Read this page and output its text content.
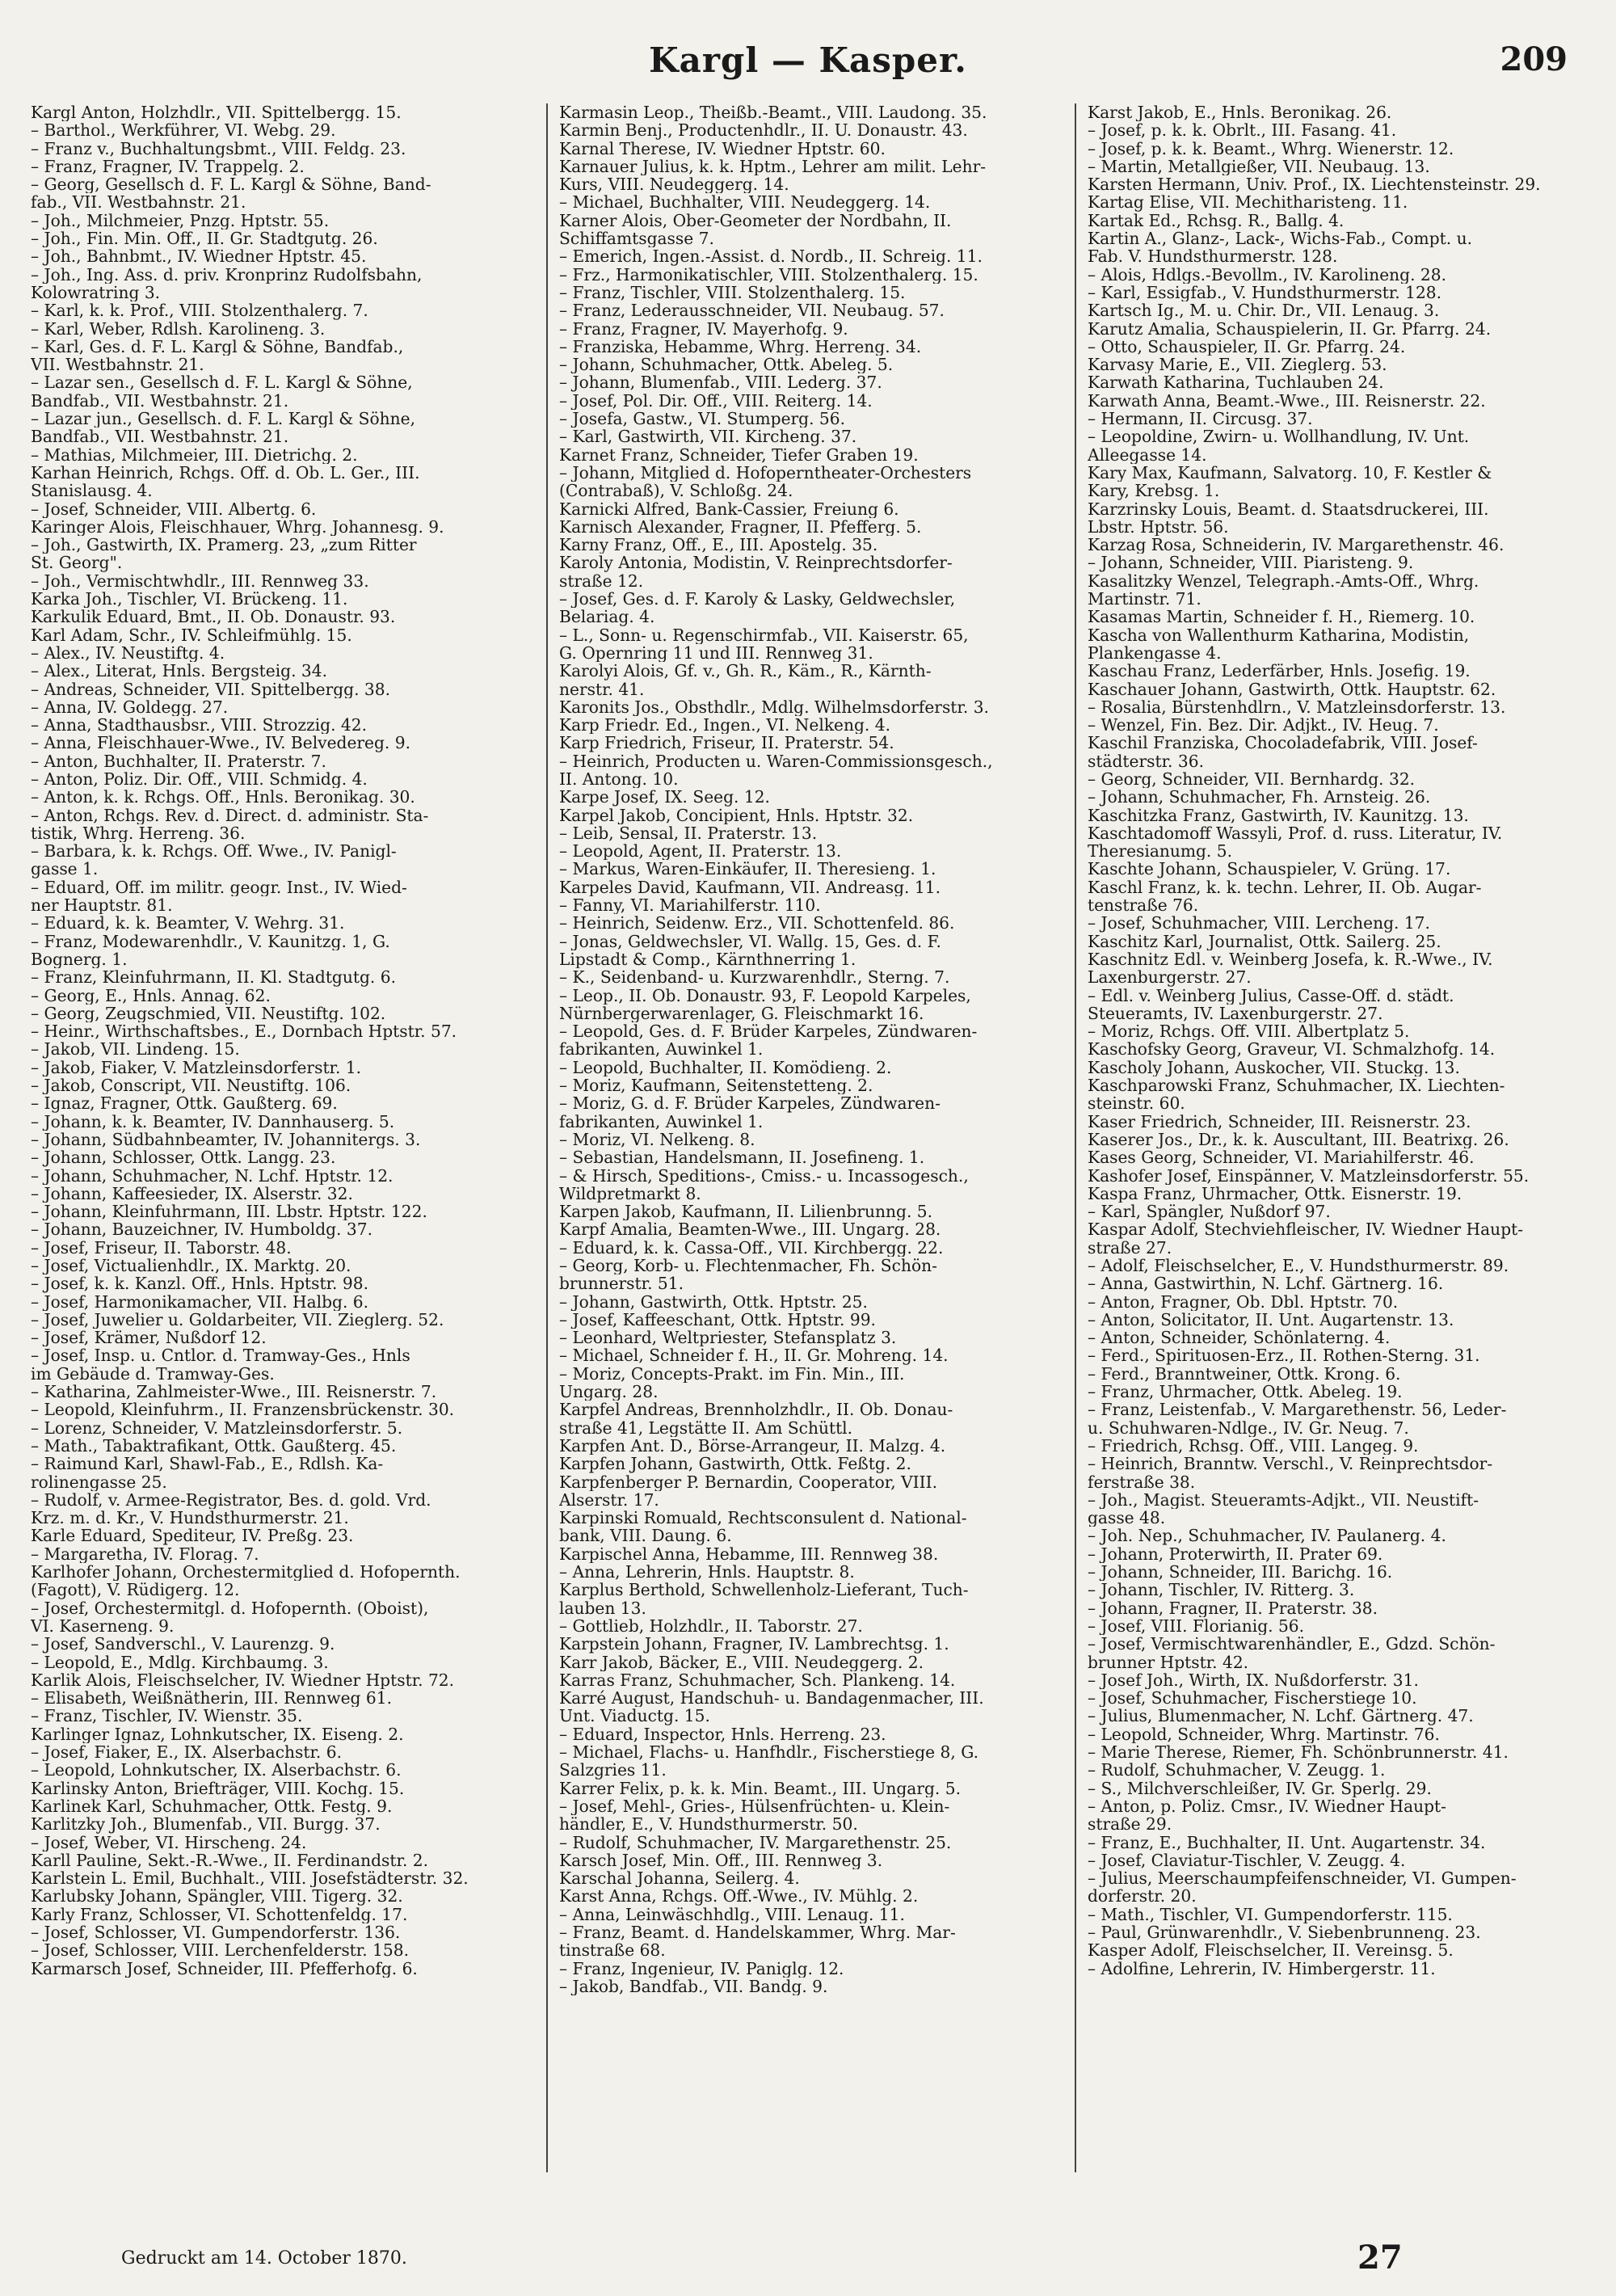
Kargl — Kasper.	209
Kargl Anton, Holzhdlr., VII. Spittelbergg. 15.
– Barthol., Werkführer, VI. Webg. 29.
– Franz v., Buchhaltungsbmt., VIII. Feldg. 23.
– Franz, Fragner, IV. Trappelg. 2.
– Georg, Gesellsch d. F. L. Kargl & Söhne, Band-
fab., VII. Westbahnstr. 21.
– Joh., Milchmeier, Pnzg. Hptstr. 55.
– Joh., Fin. Min. Off., II. Gr. Stadtgutg. 26.
– Joh., Bahnbmt., IV. Wiedner Hptstr. 45.
– Joh., Ing. Ass. d. priv. Kronprinz Rudolfsbahn,
Kolowratring 3.
– Karl, k. k. Prof., VIII. Stolzenthalerg. 7.
– Karl, Weber, Rdlsh. Karolineng. 3.
– Karl, Ges. d. F. L. Kargl & Söhne, Bandfab.,
VII. Westbahnstr. 21.
– Lazar sen., Gesellsch d. F. L. Kargl & Söhne,
Bandfab., VII. Westbahnstr. 21.
– Lazar jun., Gesellsch. d. F. L. Kargl & Söhne,
Bandfab., VII. Westbahnstr. 21.
– Mathias, Milchmeier, III. Dietrichg. 2.
Karhan Heinrich, Rchgs. Off. d. Ob. L. Ger., III.
Stanislausg. 4.
– Josef, Schneider, VIII. Albertg. 6.
Karinger Alois, Fleischhauer, Whrg. Johannesg. 9.
– Joh., Gastwirth, IX. Pramerg. 23, „zum Ritter
St. Georg".
– Joh., Vermischtwhdlr., III. Rennweg 33.
Karka Joh., Tischler, VI. Brückeng. 11.
Karkulik Eduard, Bmt., II. Ob. Donaustr. 93.
Karl Adam, Schr., IV. Schleifmühlg. 15.
– Alex., IV. Neustiftg. 4.
– Alex., Literat, Hnls. Bergsteig. 34.
– Andreas, Schneider, VII. Spittelbergg. 38.
– Anna, IV. Goldegg. 27.
– Anna, Stadthausbsr., VIII. Strozzig. 42.
– Anna, Fleischhauer-Wwe., IV. Belvedereg. 9.
– Anton, Buchhalter, II. Praterstr. 7.
– Anton, Poliz. Dir. Off., VIII. Schmidg. 4.
– Anton, k. k. Rchgs. Off., Hnls. Beronikag. 30.
– Anton, Rchgs. Rev. d. Direct. d. administr. Sta-
tistik, Whrg. Herreng. 36.
– Barbara, k. k. Rchgs. Off. Wwe., IV. Panigl-
gasse 1.
– Eduard, Off. im militr. geogr. Inst., IV. Wied-
ner Hauptstr. 81.
– Eduard, k. k. Beamter, V. Wehrg. 31.
– Franz, Modewarenhdlr., V. Kaunitzg. 1, G.
Bognerg. 1.
– Franz, Kleinfuhrmann, II. Kl. Stadtgutg. 6.
– Georg, E., Hnls. Annag. 62.
– Georg, Zeugschmied, VII. Neustiftg. 102.
– Heinr., Wirthschaftsbes., E., Dornbach Hptstr. 57.
– Jakob, VII. Lindeng. 15.
– Jakob, Fiaker, V. Matzleinsdorferstr. 1.
– Jakob, Conscript, VII. Neustiftg. 106.
– Ignaz, Fragner, Ottk. Gaußterg. 69.
– Johann, k. k. Beamter, IV. Dannhauserg. 5.
– Johann, Südbahnbeamter, IV. Johannitergs. 3.
– Johann, Schlosser, Ottk. Langg. 23.
– Johann, Schuhmacher, N. Lchf. Hptstr. 12.
– Johann, Kaffeesieder, IX. Alserstr. 32.
– Johann, Kleinfuhrmann, III. Lbstr. Hptstr. 122.
– Johann, Bauzeichner, IV. Humboldg. 37.
– Josef, Friseur, II. Taborstr. 48.
– Josef, Victualienhdlr., IX. Marktg. 20.
– Josef, k. k. Kanzl. Off., Hnls. Hptstr. 98.
– Josef, Harmonikamacher, VII. Halbg. 6.
– Josef, Juwelier u. Goldarbeiter, VII. Zieglerg. 52.
– Josef, Krämer, Nußdorf 12.
– Josef, Insp. u. Cntlor. d. Tramway-Ges., Hnls
im Gebäude d. Tramway-Ges.
– Katharina, Zahlmeister-Wwe., III. Reisnerstr. 7.
– Leopold, Kleinfuhrm., II. Franzensbrückenstr. 30.
– Lorenz, Schneider, V. Matzleinsdorferstr. 5.
– Math., Tabaktrafikant, Ottk. Gaußterg. 45.
– Raimund Karl, Shawl-Fab., E., Rdlsh. Ka-
rolinengasse 25.
– Rudolf, v. Armee-Registrator, Bes. d. gold. Vrd.
Krz. m. d. Kr., V. Hundsthurmerstr. 21.
Karle Eduard, Spediteur, IV. Preßg. 23.
– Margaretha, IV. Florag. 7.
Karlhofer Johann, Orchestermitglied d. Hofopernth.
(Fagott), V. Rüdigerg. 12.
– Josef, Orchestermitgl. d. Hofopernth. (Oboist),
VI. Kaserneng. 9.
– Josef, Sandverschl., V. Laurenzg. 9.
– Leopold, E., Mdlg. Kirchbaumg. 3.
Karlik Alois, Fleischselcher, IV. Wiedner Hptstr. 72.
– Elisabeth, Weißnätherin, III. Rennweg 61.
– Franz, Tischler, IV. Wienstr. 35.
Karlinger Ignaz, Lohnkutscher, IX. Eiseng. 2.
– Josef, Fiaker, E., IX. Alserbachstr. 6.
– Leopold, Lohnkutscher, IX. Alserbachstr. 6.
Karlinsky Anton, Briefträger, VIII. Kochg. 15.
Karlinek Karl, Schuhmacher, Ottk. Festg. 9.
Karlitzky Joh., Blumenfab., VII. Burgg. 37.
– Josef, Weber, VI. Hirscheng. 24.
Karll Pauline, Sekt.-R.-Wwe., II. Ferdinandstr. 2.
Karlstein L. Emil, Buchhalt., VIII. Josefstädterstr. 32.
Karlubsky Johann, Spängler, VIII. Tigerg. 32.
Karly Franz, Schlosser, VI. Schottenfeldg. 17.
– Josef, Schlosser, VI. Gumpendorferstr. 136.
– Josef, Schlosser, VIII. Lerchenfelderstr. 158.
Karmarsch Josef, Schneider, III. Pfefferhofg. 6.
Karmasin Leop., Theißb.-Beamt., VIII. Laudong. 35.
Karmin Benj., Productenhdlr., II. U. Donaustr. 43.
Karnal Therese, IV. Wiedner Hptstr. 60.
Karnauer Julius, k. k. Hptm., Lehrer am milit. Lehr-
Kurs, VIII. Neudeggerg. 14.
– Michael, Buchhalter, VIII. Neudeggerg. 14.
Karner Alois, Ober-Geometer der Nordbahn, II.
Schiffamtsgasse 7.
– Emerich, Ingen.-Assist. d. Nordb., II. Schreig. 11.
– Frz., Harmonikatischler, VIII. Stolzenthalerg. 15.
– Franz, Tischler, VIII. Stolzenthalerg. 15.
– Franz, Lederausschneider, VII. Neubaug. 57.
– Franz, Fragner, IV. Mayerhofg. 9.
– Franziska, Hebamme, Whrg. Herreng. 34.
– Johann, Schuhmacher, Ottk. Abeleg. 5.
– Johann, Blumenfab., VIII. Lederg. 37.
– Josef, Pol. Dir. Off., VIII. Reiterg. 14.
– Josefa, Gastw., VI. Stumperg. 56.
– Karl, Gastwirth, VII. Kircheng. 37.
Karnet Franz, Schneider, Tiefer Graben 19.
– Johann, Mitglied d. Hofoperntheater-Orchesters
(Contrabaß), V. Schloßg. 24.
Karnicki Alfred, Bank-Cassier, Freiung 6.
Karnisch Alexander, Fragner, II. Pfefferg. 5.
Karny Franz, Off., E., III. Apostelg. 35.
Karoly Antonia, Modistin, V. Reinprechtsdorfer-
straße 12.
– Josef, Ges. d. F. Karoly & Lasky, Geldwechsler,
Belariag. 4.
– L., Sonn- u. Regenschirmfab., VII. Kaiserstr. 65,
G. Opernring 11 und III. Rennweg 31.
Karolyi Alois, Gf. v., Gh. R., Käm., R., Kärnth-
nerstr. 41.
Karonits Jos., Obsthdlr., Mdlg. Wilhelmsdorferstr. 3.
Karp Friedr. Ed., Ingen., VI. Nelkeng. 4.
Karp Friedrich, Friseur, II. Praterstr. 54.
– Heinrich, Producten u. Waren-Commissionsgesch.,
II. Antong. 10.
Karpe Josef, IX. Seeg. 12.
Karpel Jakob, Concipient, Hnls. Hptstr. 32.
– Leib, Sensal, II. Praterstr. 13.
– Leopold, Agent, II. Praterstr. 13.
– Markus, Waren-Einkäufer, II. Theresieng. 1.
Karpeles David, Kaufmann, VII. Andreasg. 11.
– Fanny, VI. Mariahilferstr. 110.
– Heinrich, Seidenw. Erz., VII. Schottenfeld. 86.
– Jonas, Geldwechsler, VI. Wallg. 15, Ges. d. F.
Lipstadt & Comp., Kärnthnerring 1.
– K., Seidenband- u. Kurzwarenhdlr., Sterng. 7.
– Leop., II. Ob. Donaustr. 93, F. Leopold Karpeles,
Nürnbergerwarenlager, G. Fleischmarkt 16.
– Leopold, Ges. d. F. Brüder Karpeles, Zündwaren-
fabrikanten, Auwinkel 1.
– Leopold, Buchhalter, II. Komödieng. 2.
– Moriz, Kaufmann, Seitenstetteng. 2.
– Moriz, G. d. F. Brüder Karpeles, Zündwaren-
fabrikanten, Auwinkel 1.
– Moriz, VI. Nelkeng. 8.
– Sebastian, Handelsmann, II. Josefineng. 1.
– & Hirsch, Speditions-, Cmiss.- u. Incassogesch.,
Wildpretmarkt 8.
Karpen Jakob, Kaufmann, II. Lilienbrunng. 5.
Karpf Amalia, Beamten-Wwe., III. Ungarg. 28.
– Eduard, k. k. Cassa-Off., VII. Kirchbergg. 22.
– Georg, Korb- u. Flechtenmacher, Fh. Schön-
brunnerstr. 51.
– Johann, Gastwirth, Ottk. Hptstr. 25.
– Josef, Kaffeeschant, Ottk. Hptstr. 99.
– Leonhard, Weltpriester, Stefansplatz 3.
– Michael, Schneider f. H., II. Gr. Mohreng. 14.
– Moriz, Concepts-Prakt. im Fin. Min., III.
Ungarg. 28.
Karpfel Andreas, Brennholzhdlr., II. Ob. Donau-
straße 41, Legstätte II. Am Schüttl.
Karpfen Ant. D., Börse-Arrangeur, II. Malzg. 4.
Karpfen Johann, Gastwirth, Ottk. Feßtg. 2.
Karpfenberger P. Bernardin, Cooperator, VIII.
Alserstr. 17.
Karpinski Romuald, Rechtsconsulent d. National-
bank, VIII. Daung. 6.
Karpischel Anna, Hebamme, III. Rennweg 38.
– Anna, Lehrerin, Hnls. Hauptstr. 8.
Karplus Berthold, Schwellenholz-Lieferant, Tuch-
lauben 13.
– Gottlieb, Holzhdlr., II. Taborstr. 27.
Karpstein Johann, Fragner, IV. Lambrechtsg. 1.
Karr Jakob, Bäcker, E., VIII. Neudeggerg. 2.
Karras Franz, Schuhmacher, Sch. Plankeng. 14.
Karré August, Handschuh- u. Bandagenmacher, III.
Unt. Viaductg. 15.
– Eduard, Inspector, Hnls. Herreng. 23.
– Michael, Flachs- u. Hanfhdlr., Fischerstiege 8, G.
Salzgries 11.
Karrer Felix, p. k. k. Min. Beamt., III. Ungarg. 5.
– Josef, Mehl-, Gries-, Hülsenfrüchten- u. Klein-
händler, E., V. Hundsthurmerstr. 50.
– Rudolf, Schuhmacher, IV. Margarethenstr. 25.
Karsch Josef, Min. Off., III. Rennweg 3.
Karschal Johanna, Seilerg. 4.
Karst Anna, Rchgs. Off.-Wwe., IV. Mühlg. 2.
– Anna, Leinwäschhdlg., VIII. Lenaug. 11.
– Franz, Beamt. d. Handelskammer, Whrg. Mar-
tinstraße 68.
– Franz, Ingenieur, IV. Paniglg. 12.
– Jakob, Bandfab., VII. Bandg. 9.
Karst Jakob, E., Hnls. Beronikag. 26.
– Josef, p. k. k. Obrlt., III. Fasang. 41.
– Josef, p. k. k. Beamt., Whrg. Wienerstr. 12.
– Martin, Metallgießer, VII. Neubaug. 13.
Karsten Hermann, Univ. Prof., IX. Liechtensteinstr. 29.
Kartag Elise, VII. Mechitharisteng. 11.
Kartak Ed., Rchsg. R., Ballg. 4.
Kartin A., Glanz-, Lack-, Wichs-Fab., Compt. u.
Fab. V. Hundsthurmerstr. 128.
– Alois, Hdlgs.-Bevollm., IV. Karolineng. 28.
– Karl, Essigfab., V. Hundsthurmerstr. 128.
Kartsch Ig., M. u. Chir. Dr., VII. Lenaug. 3.
Karutz Amalia, Schauspielerin, II. Gr. Pfarrg. 24.
– Otto, Schauspieler, II. Gr. Pfarrg. 24.
Karvasy Marie, E., VII. Zieglerg. 53.
Karwath Katharina, Tuchlauben 24.
Karwath Anna, Beamt.-Wwe., III. Reisnerstr. 22.
– Hermann, II. Circusg. 37.
– Leopoldine, Zwirn- u. Wollhandlung, IV. Unt.
Alleegasse 14.
Kary Max, Kaufmann, Salvatorg. 10, F. Kestler &
Kary, Krebsg. 1.
Karzrinsky Louis, Beamt. d. Staatsdruckerei, III.
Lbstr. Hptstr. 56.
Karzag Rosa, Schneiderin, IV. Margarethenstr. 46.
– Johann, Schneider, VIII. Piaristeng. 9.
Kasalitzky Wenzel, Telegraph.-Amts-Off., Whrg.
Martinstr. 71.
Kasamas Martin, Schneider f. H., Riemerg. 10.
Kascha von Wallenthurm Katharina, Modistin,
Plankengasse 4.
Kaschau Franz, Lederfärber, Hnls. Josefig. 19.
Kaschauer Johann, Gastwirth, Ottk. Hauptstr. 62.
– Rosalia, Bürstenhdlrn., V. Matzleinsdorferstr. 13.
– Wenzel, Fin. Bez. Dir. Adjkt., IV. Heug. 7.
Kaschil Franziska, Chocoladefabrik, VIII. Josef-
städterstr. 36.
– Georg, Schneider, VII. Bernhardg. 32.
– Johann, Schuhmacher, Fh. Arnsteig. 26.
Kaschitzka Franz, Gastwirth, IV. Kaunitzg. 13.
Kaschtadomoff Wassyli, Prof. d. russ. Literatur, IV.
Theresianumg. 5.
Kaschte Johann, Schauspieler, V. Grüng. 17.
Kaschl Franz, k. k. techn. Lehrer, II. Ob. Augar-
tenstraße 76.
– Josef, Schuhmacher, VIII. Lercheng. 17.
Kaschitz Karl, Journalist, Ottk. Sailerg. 25.
Kaschnitz Edl. v. Weinberg Josefa, k. R.-Wwe., IV.
Laxenburgerstr. 27.
– Edl. v. Weinberg Julius, Casse-Off. d. städt.
Steueramts, IV. Laxenburgerstr. 27.
– Moriz, Rchgs. Off. VIII. Albertplatz 5.
Kaschofsky Georg, Graveur, VI. Schmalzhofg. 14.
Kascholy Johann, Auskocher, VII. Stuckg. 13.
Kaschparowski Franz, Schuhmacher, IX. Liechten-
steinstr. 60.
Kaser Friedrich, Schneider, III. Reisnerstr. 23.
Kaserer Jos., Dr., k. k. Auscultant, III. Beatrixg. 26.
Kases Georg, Schneider, VI. Mariahilferstr. 46.
Kashofer Josef, Einspänner, V. Matzleinsdorferstr. 55.
Kaspa Franz, Uhrmacher, Ottk. Eisnerstr. 19.
– Karl, Spängler, Nußdorf 97.
Kaspar Adolf, Stechviehfleischer, IV. Wiedner Haupt-
straße 27.
– Adolf, Fleischselcher, E., V. Hundsthurmerstr. 89.
– Anna, Gastwirthin, N. Lchf. Gärtnerg. 16.
– Anton, Fragner, Ob. Dbl. Hptstr. 70.
– Anton, Solicitator, II. Unt. Augartenstr. 13.
– Anton, Schneider, Schönlaterng. 4.
– Ferd., Spirituosen-Erz., II. Rothen-Sterng. 31.
– Ferd., Branntweiner, Ottk. Krong. 6.
– Franz, Uhrmacher, Ottk. Abeleg. 19.
– Franz, Leistenfab., V. Margarethenstr. 56, Leder-
u. Schuhwaren-Ndlge., IV. Gr. Neug. 7.
– Friedrich, Rchsg. Off., VIII. Langeg. 9.
– Heinrich, Branntw. Verschl., V. Reinprechtsdor-
ferstraße 38.
– Joh., Magist. Steueramts-Adjkt., VII. Neustift-
gasse 48.
– Joh. Nep., Schuhmacher, IV. Paulanerg. 4.
– Johann, Proterwirth, II. Prater 69.
– Johann, Schneider, III. Barichg. 16.
– Johann, Tischler, IV. Ritterg. 3.
– Johann, Fragner, II. Praterstr. 38.
– Josef, VIII. Florianig. 56.
– Josef, Vermischtwarenhändler, E., Gdzd. Schön-
brunner Hptstr. 42.
– Josef Joh., Wirth, IX. Nußdorferstr. 31.
– Josef, Schuhmacher, Fischerstiege 10.
– Julius, Blumenmacher, N. Lchf. Gärtnerg. 47.
– Leopold, Schneider, Whrg. Martinstr. 76.
– Marie Therese, Riemer, Fh. Schönbrunnerstr. 41.
– Rudolf, Schuhmacher, V. Zeugg. 1.
– S., Milchverschleißer, IV. Gr. Sperlg. 29.
– Anton, p. Poliz. Cmsr., IV. Wiedner Haupt-
straße 29.
– Franz, E., Buchhalter, II. Unt. Augartenstr. 34.
– Josef, Claviatur-Tischler, V. Zeugg. 4.
– Julius, Meerschaumpfeifenschneider, VI. Gumpen-
dorferstr. 20.
– Math., Tischler, VI. Gumpendorferstr. 115.
– Paul, Grünwarenhdlr., V. Siebenbrunneng. 23.
Kasper Adolf, Fleischselcher, II. Vereinsg. 5.
– Adolfine, Lehrerin, IV. Himbergerstr. 11.
Gedruckt am 14. October 1870.	27
